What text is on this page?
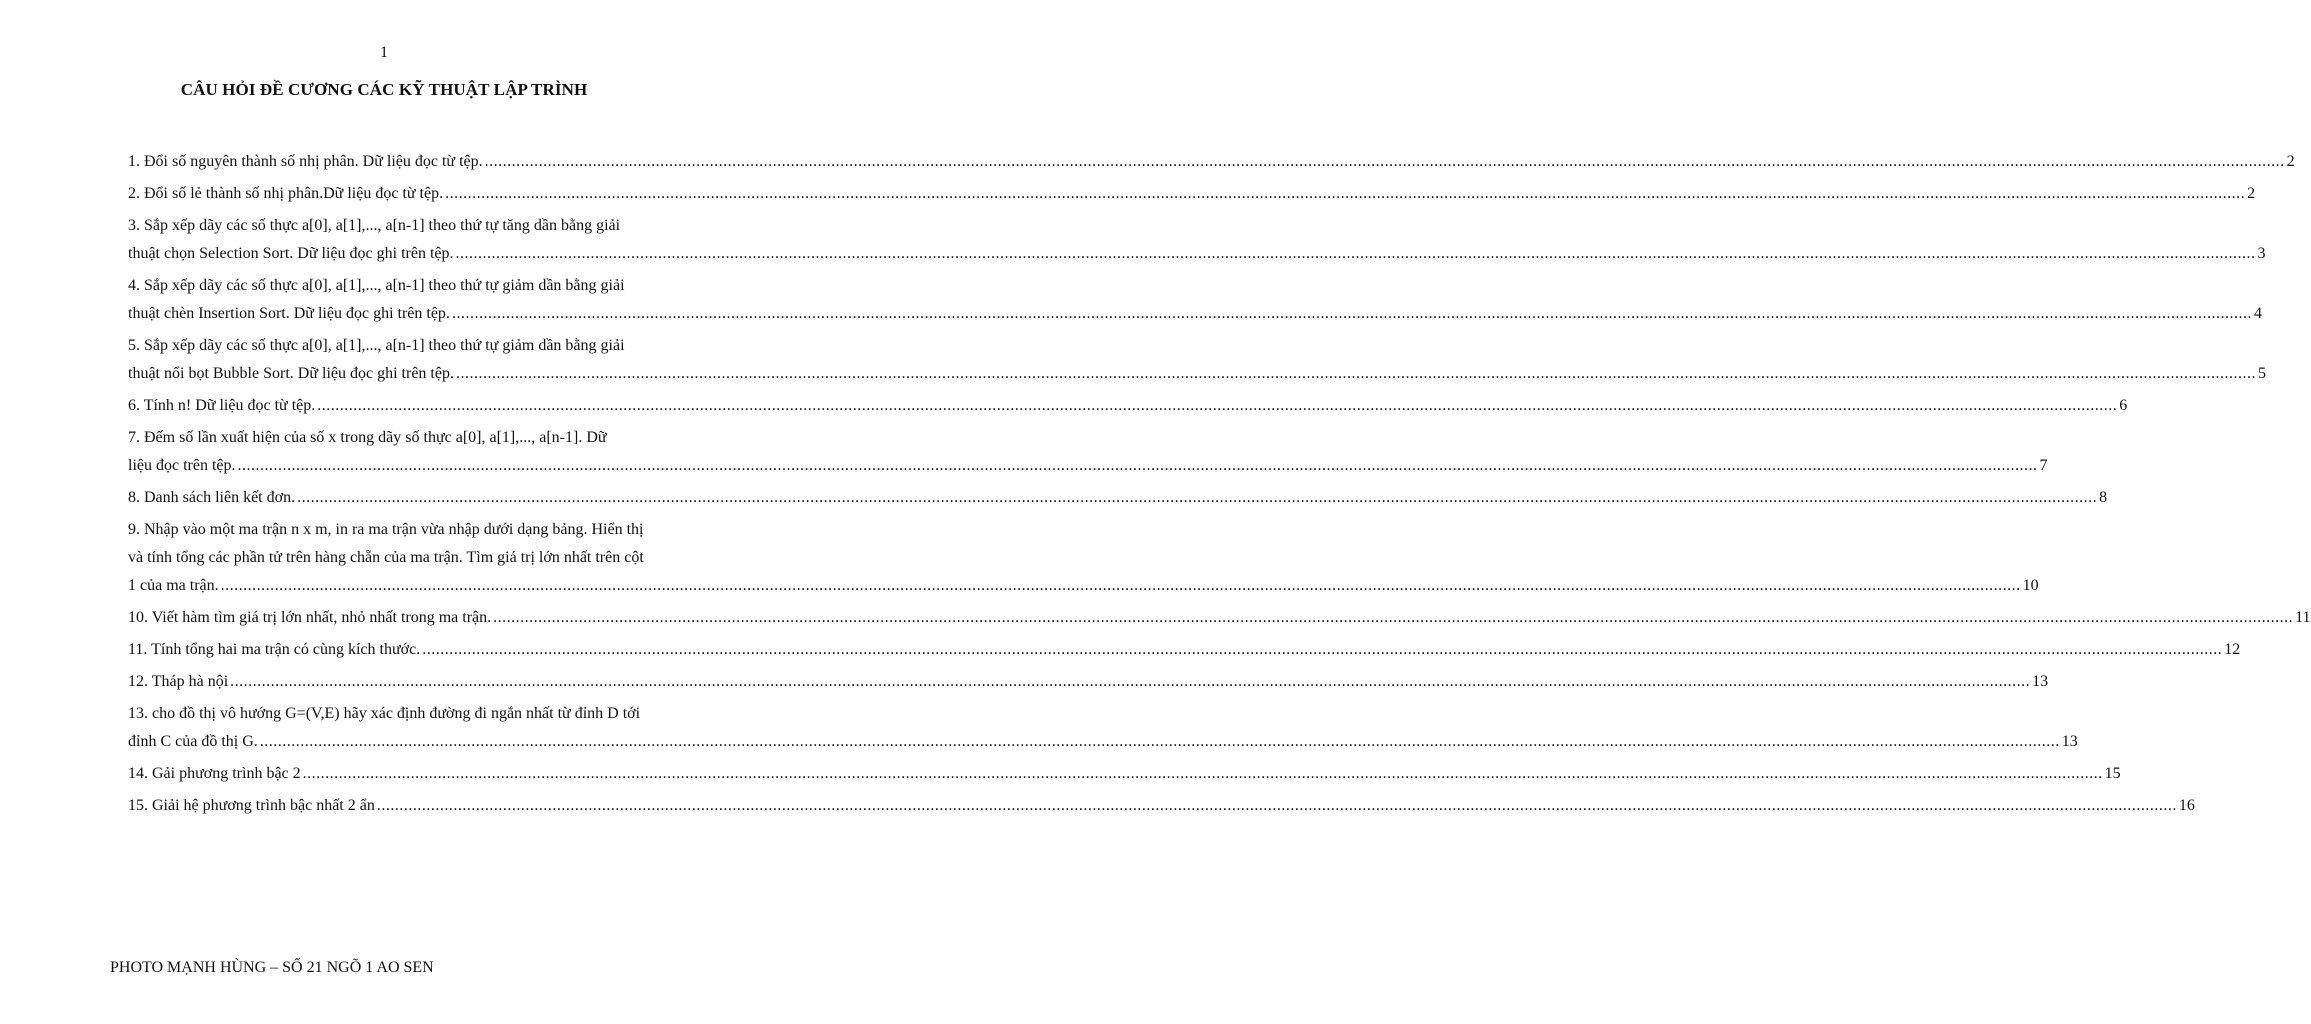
1
CÂU HỎI ĐỀ CƯƠNG CÁC KỸ THUẬT LẬP TRÌNH
1. Đổi số nguyên thành số nhị phân. Dữ liệu đọc từ tệp. ................................................................................................................................................................................................................................................................................................................................................................................................................ 2
2. Đổi số lẻ thành số nhị phân.Dữ liệu đọc từ tệp. ................................................................................................................................................................................................................................................................................................................................................................................................................ 2
3. Sắp xếp dãy các số thực a[0], a[1],..., a[n-1] theo thứ tự tăng dần bằng giải
thuật chọn Selection Sort. Dữ liệu đọc ghi trên tệp. ................................................................................................................................................................................................................................................................................................................................................................................................................ 3
4. Sắp xếp dãy các số thực a[0], a[1],..., a[n-1] theo thứ tự giảm dần bằng giải
thuật chèn Insertion Sort. Dữ liệu đọc ghi trên tệp. ................................................................................................................................................................................................................................................................................................................................................................................................................ 4
5. Sắp xếp dãy các số thực a[0], a[1],..., a[n-1] theo thứ tự giảm dần bằng giải
thuật nổi bọt Bubble Sort. Dữ liệu đọc ghi trên tệp. ................................................................................................................................................................................................................................................................................................................................................................................................................ 5
6. Tính n! Dữ liệu đọc từ tệp. ................................................................................................................................................................................................................................................................................................................................................................................................................ 6
7. Đếm số lần xuất hiện của số x trong dãy số thực a[0], a[1],..., a[n-1]. Dữ
liệu đọc trên tệp. ................................................................................................................................................................................................................................................................................................................................................................................................................ 7
8. Danh sách liên kết đơn. ................................................................................................................................................................................................................................................................................................................................................................................................................ 8
9. Nhập vào một ma trận n x m, in ra ma trận vừa nhập dưới dạng bảng. Hiển thị
và tính tổng các phần tử trên hàng chẵn của ma trận. Tìm giá trị lớn nhất trên cột
1 của ma trận. ................................................................................................................................................................................................................................................................................................................................................................................................................ 10
10. Viết hàm tìm giá trị lớn nhất, nhỏ nhất trong ma trận. ................................................................................................................................................................................................................................................................................................................................................................................................................ 11
11. Tính tổng hai ma trận có cùng kích thước. ................................................................................................................................................................................................................................................................................................................................................................................................................ 12
12. Tháp hà nội ................................................................................................................................................................................................................................................................................................................................................................................................................ 13
13. cho đồ thị vô hướng G=(V,E) hãy xác định đường đi ngắn nhất từ đỉnh D tới
đỉnh C của đồ thị G. ................................................................................................................................................................................................................................................................................................................................................................................................................ 13
14. Gải phương trình bậc 2 ................................................................................................................................................................................................................................................................................................................................................................................................................ 15
15. Giải hệ phương trình bậc nhất 2 ẩn ................................................................................................................................................................................................................................................................................................................................................................................................................ 16
PHOTO MẠNH HÙNG – SỐ 21 NGÕ 1 AO SEN
